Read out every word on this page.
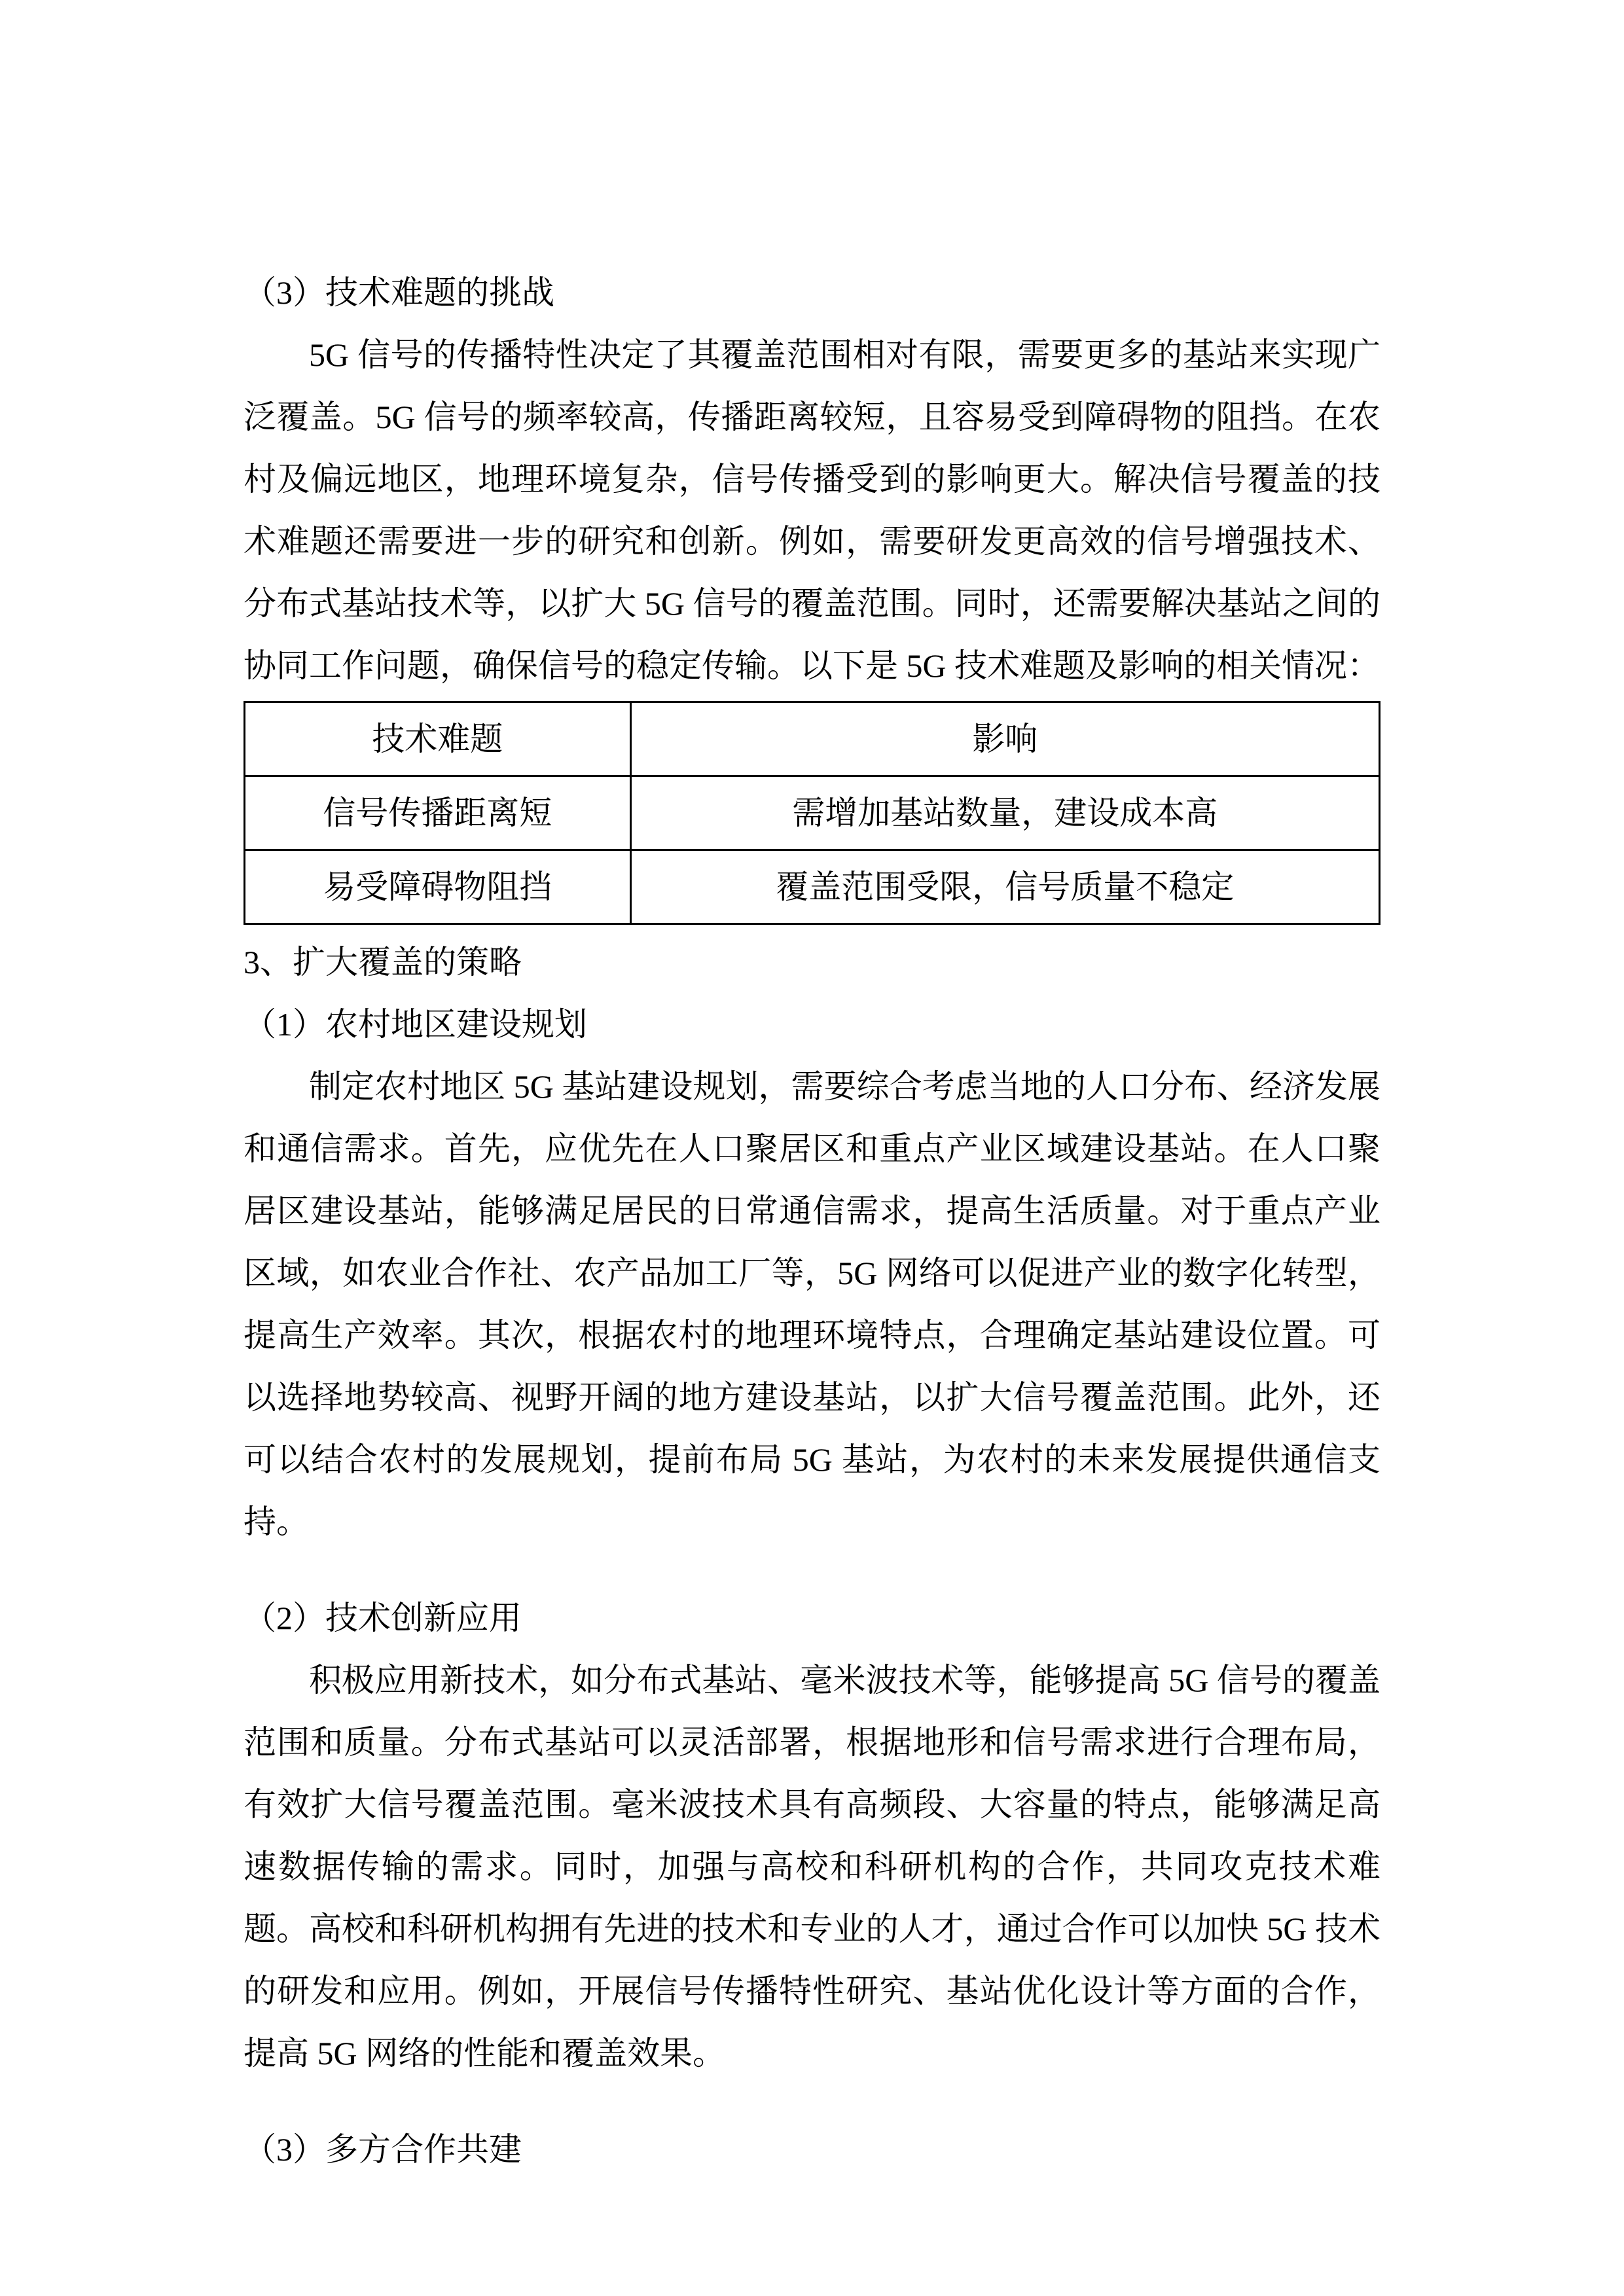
（3）技术难题的挑战

5G 信号的传播特性决定了其覆盖范围相对有限，需要更多的基站来实现广泛覆盖。5G 信号的频率较高，传播距离较短，且容易受到障碍物的阻挡。在农村及偏远地区，地理环境复杂，信号传播受到的影响更大。解决信号覆盖的技术难题还需要进一步的研究和创新。例如，需要研发更高效的信号增强技术、分布式基站技术等，以扩大 5G 信号的覆盖范围。同时，还需要解决基站之间的协同工作问题，确保信号的稳定传输。以下是 5G 技术难题及影响的相关情况：

技术难题	影响
信号传播距离短	需增加基站数量，建设成本高
易受障碍物阻挡	覆盖范围受限，信号质量不稳定
3、扩大覆盖的策略
（1）农村地区建设规划

制定农村地区 5G 基站建设规划，需要综合考虑当地的人口分布、经济发展和通信需求。首先，应优先在人口聚居区和重点产业区域建设基站。在人口聚居区建设基站，能够满足居民的日常通信需求，提高生活质量。对于重点产业区域，如农业合作社、农产品加工厂等，5G 网络可以促进产业的数字化转型，提高生产效率。其次，根据农村的地理环境特点，合理确定基站建设位置。可以选择地势较高、视野开阔的地方建设基站，以扩大信号覆盖范围。此外，还可以结合农村的发展规划，提前布局 5G 基站，为农村的未来发展提供通信支持。

（2）技术创新应用

积极应用新技术，如分布式基站、毫米波技术等，能够提高 5G 信号的覆盖范围和质量。分布式基站可以灵活部署，根据地形和信号需求进行合理布局，有效扩大信号覆盖范围。毫米波技术具有高频段、大容量的特点，能够满足高速数据传输的需求。同时，加强与高校和科研机构的合作，共同攻克技术难题。高校和科研机构拥有先进的技术和专业的人才，通过合作可以加快 5G 技术的研发和应用。例如，开展信号传播特性研究、基站优化设计等方面的合作，提高 5G 网络的性能和覆盖效果。

（3）多方合作共建
